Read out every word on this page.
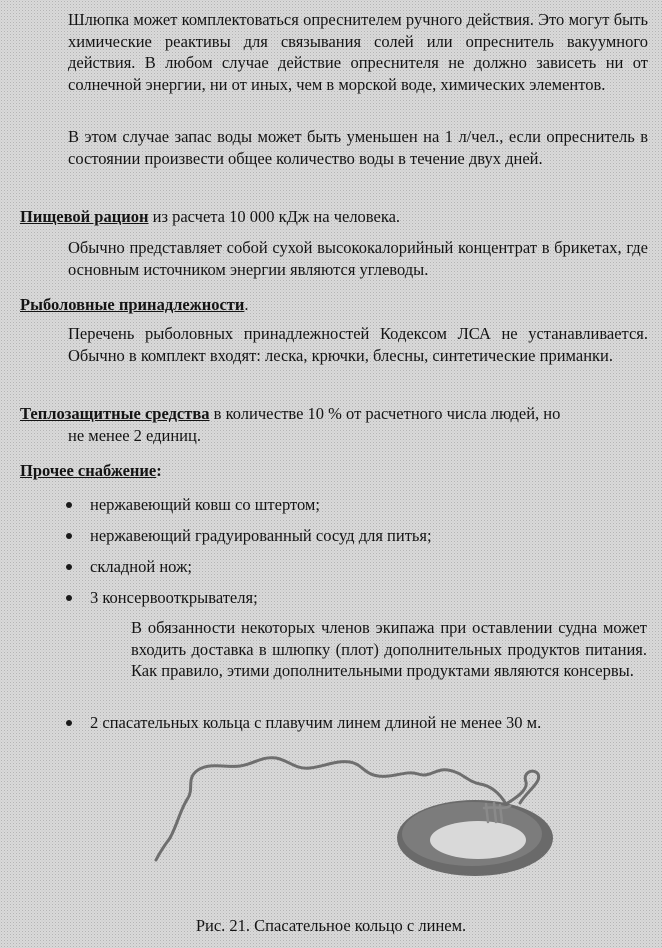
Шлюпка может комплектоваться опреснителем ручного действия. Это могут быть химические реактивы для связывания солей или опреснитель вакуумного действия. В любом случае действие опреснителя не должно зависеть ни от солнечной энергии, ни от иных, чем в морской воде, химических элементов.

В этом случае запас воды может быть уменьшен на 1 л/чел., если опреснитель в состоянии произвести общее количество воды в течение двух дней.

Пищевой рацион из расчета 10 000 кДж на человека.

Обычно представляет собой сухой высококалорийный концентрат в брикетах, где основным источником энергии являются углеводы.

Рыболовные принадлежности.

Перечень рыболовных принадлежностей Кодексом ЛСА не устанавливается. Обычно в комплект входят: леска, крючки, блесны, синтетические приманки.

Теплозащитные средства в количестве 10 % от расчетного числа людей, но
не менее 2 единиц.

Прочее снабжение:

нержавеющий ковш со штертом;
нержавеющий градуированный сосуд для питья;
складной нож;
3 консервооткрывателя;

В обязанности некоторых членов экипажа при оставлении судна может входить доставка в шлюпку (плот) дополнительных продуктов питания. Как правило, этими дополнительными продуктами являются консервы.

2 спасательных кольца с плавучим линем длиной не менее 30 м.

Рис. 21. Спасательное кольцо с линем.
